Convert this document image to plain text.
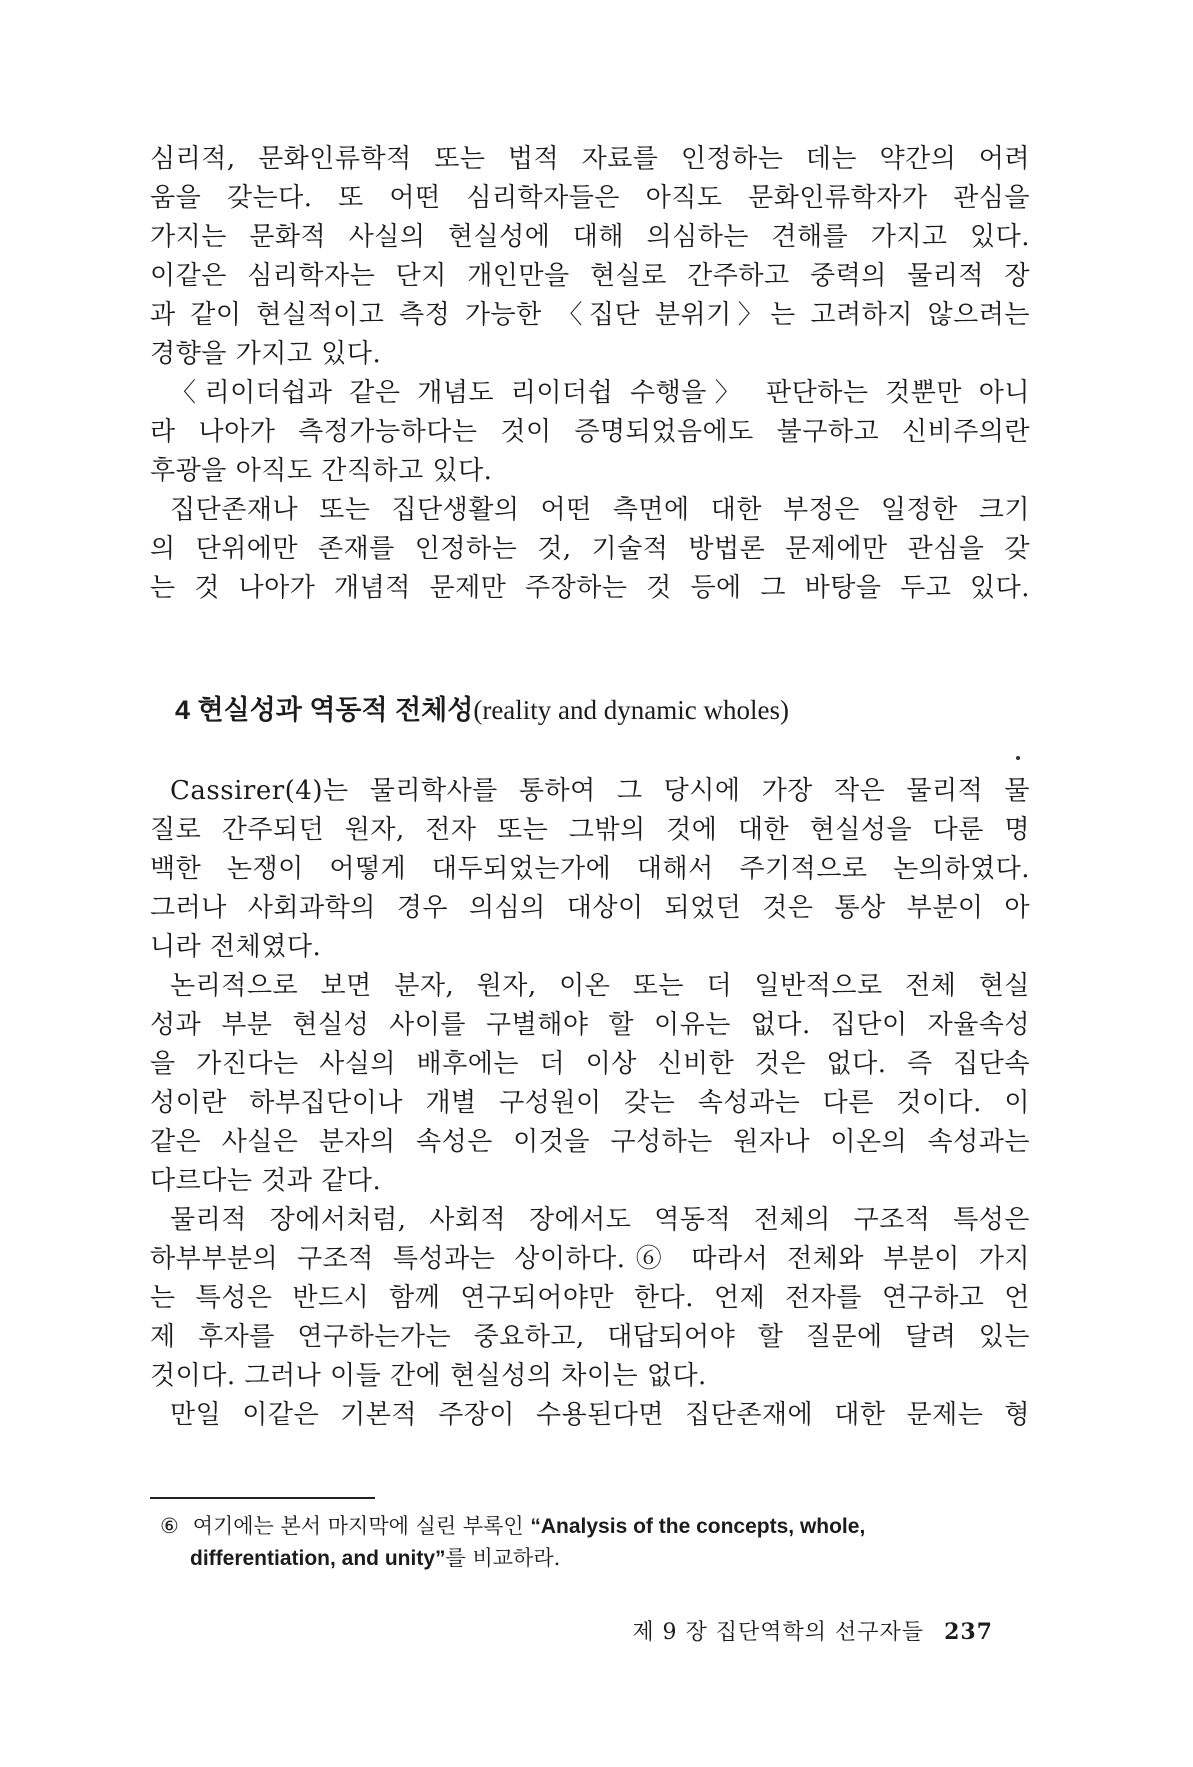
심리적, 문화인류학적 또는 법적 자료를 인정하는 데는 약간의 어려
움을 갖는다. 또 어떤 심리학자들은 아직도 문화인류학자가 관심을
가지는 문화적 사실의 현실성에 대해 의심하는 견해를 가지고 있다.
이같은 심리학자는 단지 개인만을 현실로 간주하고 중력의 물리적 장
과 같이 현실적이고 측정 가능한 〈집단 분위기〉는 고려하지 않으려는
경향을 가지고 있다.
〈리이더쉽과 같은 개념도 리이더쉽 수행을〉 판단하는 것뿐만 아니
라 나아가 측정가능하다는 것이 증명되었음에도 불구하고 신비주의란
후광을 아직도 간직하고 있다.
집단존재나 또는 집단생활의 어떤 측면에 대한 부정은 일정한 크기
의 단위에만 존재를 인정하는 것, 기술적 방법론 문제에만 관심을 갖
는 것 나아가 개념적 문제만 주장하는 것 등에 그 바탕을 두고 있다.
4 현실성과 역동적 전체성(reality and dynamic wholes)
Cassirer(4)는 물리학사를 통하여 그 당시에 가장 작은 물리적 물
질로 간주되던 원자, 전자 또는 그밖의 것에 대한 현실성을 다룬 명
백한 논쟁이 어떻게 대두되었는가에 대해서 주기적으로 논의하였다.
그러나 사회과학의 경우 의심의 대상이 되었던 것은 통상 부분이 아
니라 전체였다.
논리적으로 보면 분자, 원자, 이온 또는 더 일반적으로 전체 현실
성과 부분 현실성 사이를 구별해야 할 이유는 없다. 집단이 자율속성
을 가진다는 사실의 배후에는 더 이상 신비한 것은 없다. 즉 집단속
성이란 하부집단이나 개별 구성원이 갖는 속성과는 다른 것이다. 이
같은 사실은 분자의 속성은 이것을 구성하는 원자나 이온의 속성과는
다르다는 것과 같다.
물리적 장에서처럼, 사회적 장에서도 역동적 전체의 구조적 특성은
하부부분의 구조적 특성과는 상이하다.⑥ 따라서 전체와 부분이 가지
는 특성은 반드시 함께 연구되어야만 한다. 언제 전자를 연구하고 언
제 후자를 연구하는가는 중요하고, 대답되어야 할 질문에 달려 있는
것이다. 그러나 이들 간에 현실성의 차이는 없다.
만일 이같은 기본적 주장이 수용된다면 집단존재에 대한 문제는 형
⑥ 여기에는 본서 마지막에 실린 부록인 “Analysis of the concepts, whole,
differentiation, and unity”를 비교하라.
제 9 장 집단역학의 선구자들 237
